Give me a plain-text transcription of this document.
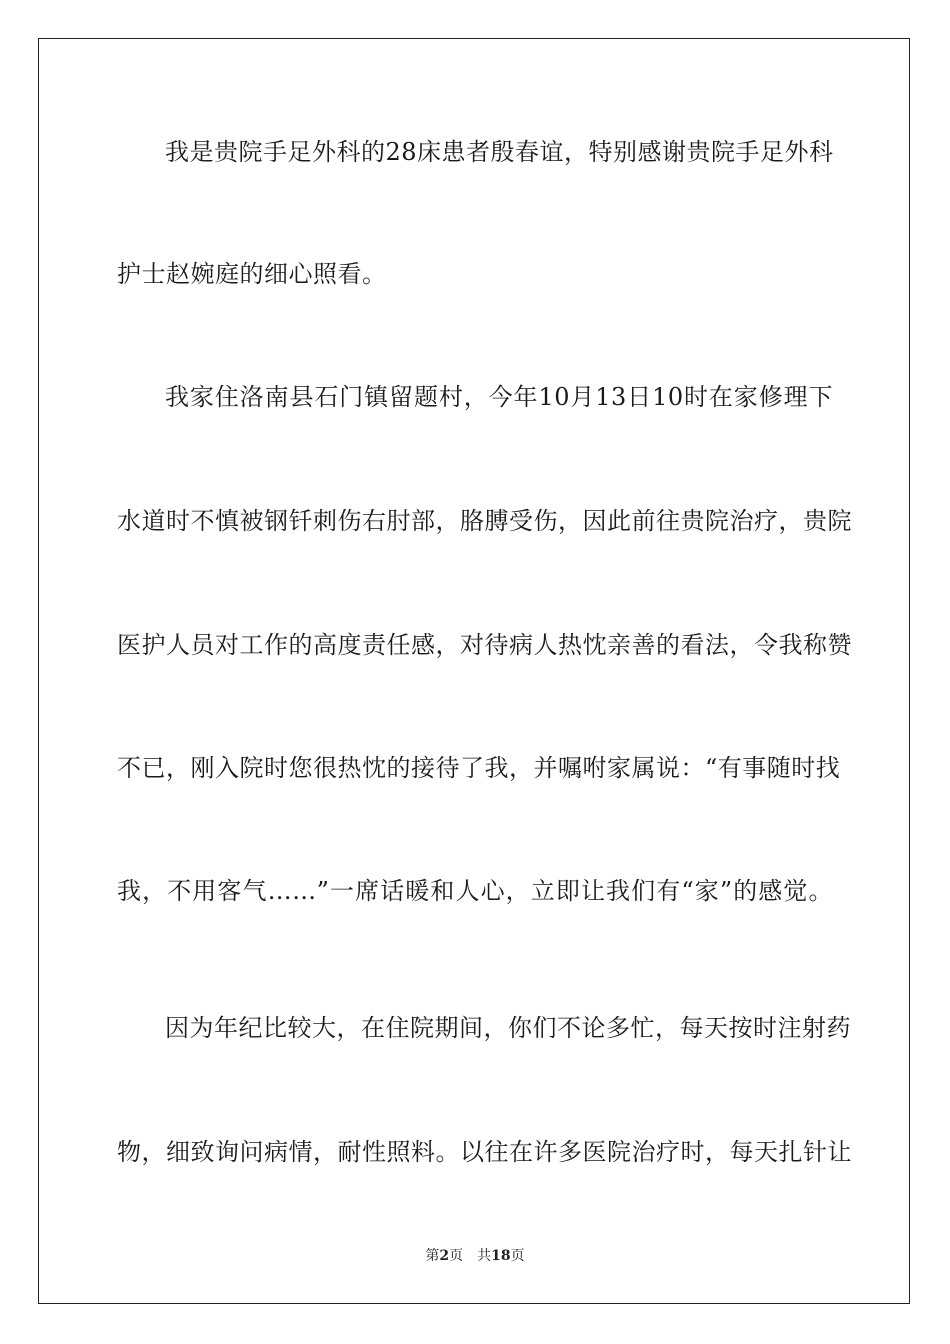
我是贵院手足外科的28床患者殷春谊，特别感谢贵院手足外科
护士赵婉庭的细心照看。
我家住洛南县石门镇留题村，今年10月13日10时在家修理下
水道时不慎被钢钎刺伤右肘部，胳膊受伤，因此前往贵院治疗，贵院
医护人员对工作的高度责任感，对待病人热忱亲善的看法，令我称赞
不已，刚入院时您很热忱的接待了我，并嘱咐家属说：“有事随时找
我，不用客气……”一席话暖和人心，立即让我们有“家”的感觉。
因为年纪比较大，在住院期间，你们不论多忙，每天按时注射药
物，细致询问病情，耐性照料。以往在许多医院治疗时，每天扎针让
第2页　共18页
